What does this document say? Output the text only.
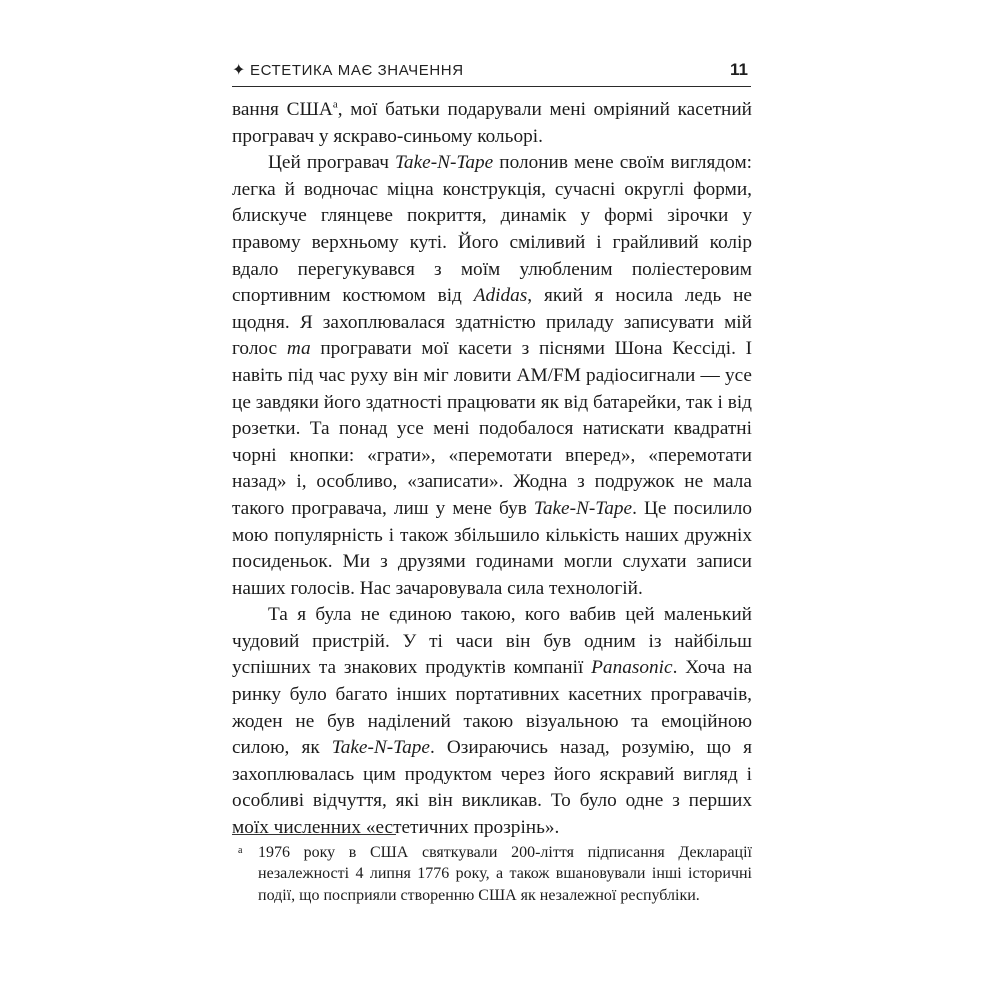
✦ ЕСТЕТИКА МАЄ ЗНАЧЕННЯ	11

вання США$^a$, мої батьки подарували мені омріяний касетний програвач у яскраво-синьому кольорі.

Цей програвач Take-N-Tape полонив мене своїм виглядом: легка й водночас міцна конструкція, сучасні округлі форми, блискуче глянцеве покриття, динамік у формі зірочки у правому верхньому куті. Його сміливий і грайливий колір вдало перегукувався з моїм улюбленим поліестеровим спортивним костюмом від Adidas, який я носила ледь не щодня. Я захоплювалася здатністю приладу записувати мій голос та програвати мої касети з піснями Шона Кессіді. І навіть під час руху він міг ловити AM/FM радіосигнали — усе це завдяки його здатності працювати як від батарейки, так і від розетки. Та понад усе мені подобалося натискати квадратні чорні кнопки: «грати», «перемотати вперед», «перемотати назад» і, особливо, «записати». Жодна з подружок не мала такого програвача, лиш у мене був Take-N-Tape. Це посилило мою популярність і також збільшило кількість наших дружніх посиденьок. Ми з друзями годинами могли слухати записи наших голосів. Нас зачаровувала сила технологій.

Та я була не єдиною такою, кого вабив цей маленький чудовий пристрій. У ті часи він був одним із найбільш успішних та знакових продуктів компанії Panasonic. Хоча на ринку було багато інших портативних касетних програвачів, жоден не був наділений такою візуальною та емоційною силою, як Take-N-Tape. Озираючись назад, розумію, що я захоплювалась цим продуктом через його яскравий вигляд і особливі відчуття, які він викликав. То було одне з перших моїх численних «естетичних прозрінь».

a 1976 року в США святкували 200-ліття підписання Декларації незалежності 4 липня 1776 року, а також вшановували інші історичні події, що посприяли створенню США як незалежної республіки.
